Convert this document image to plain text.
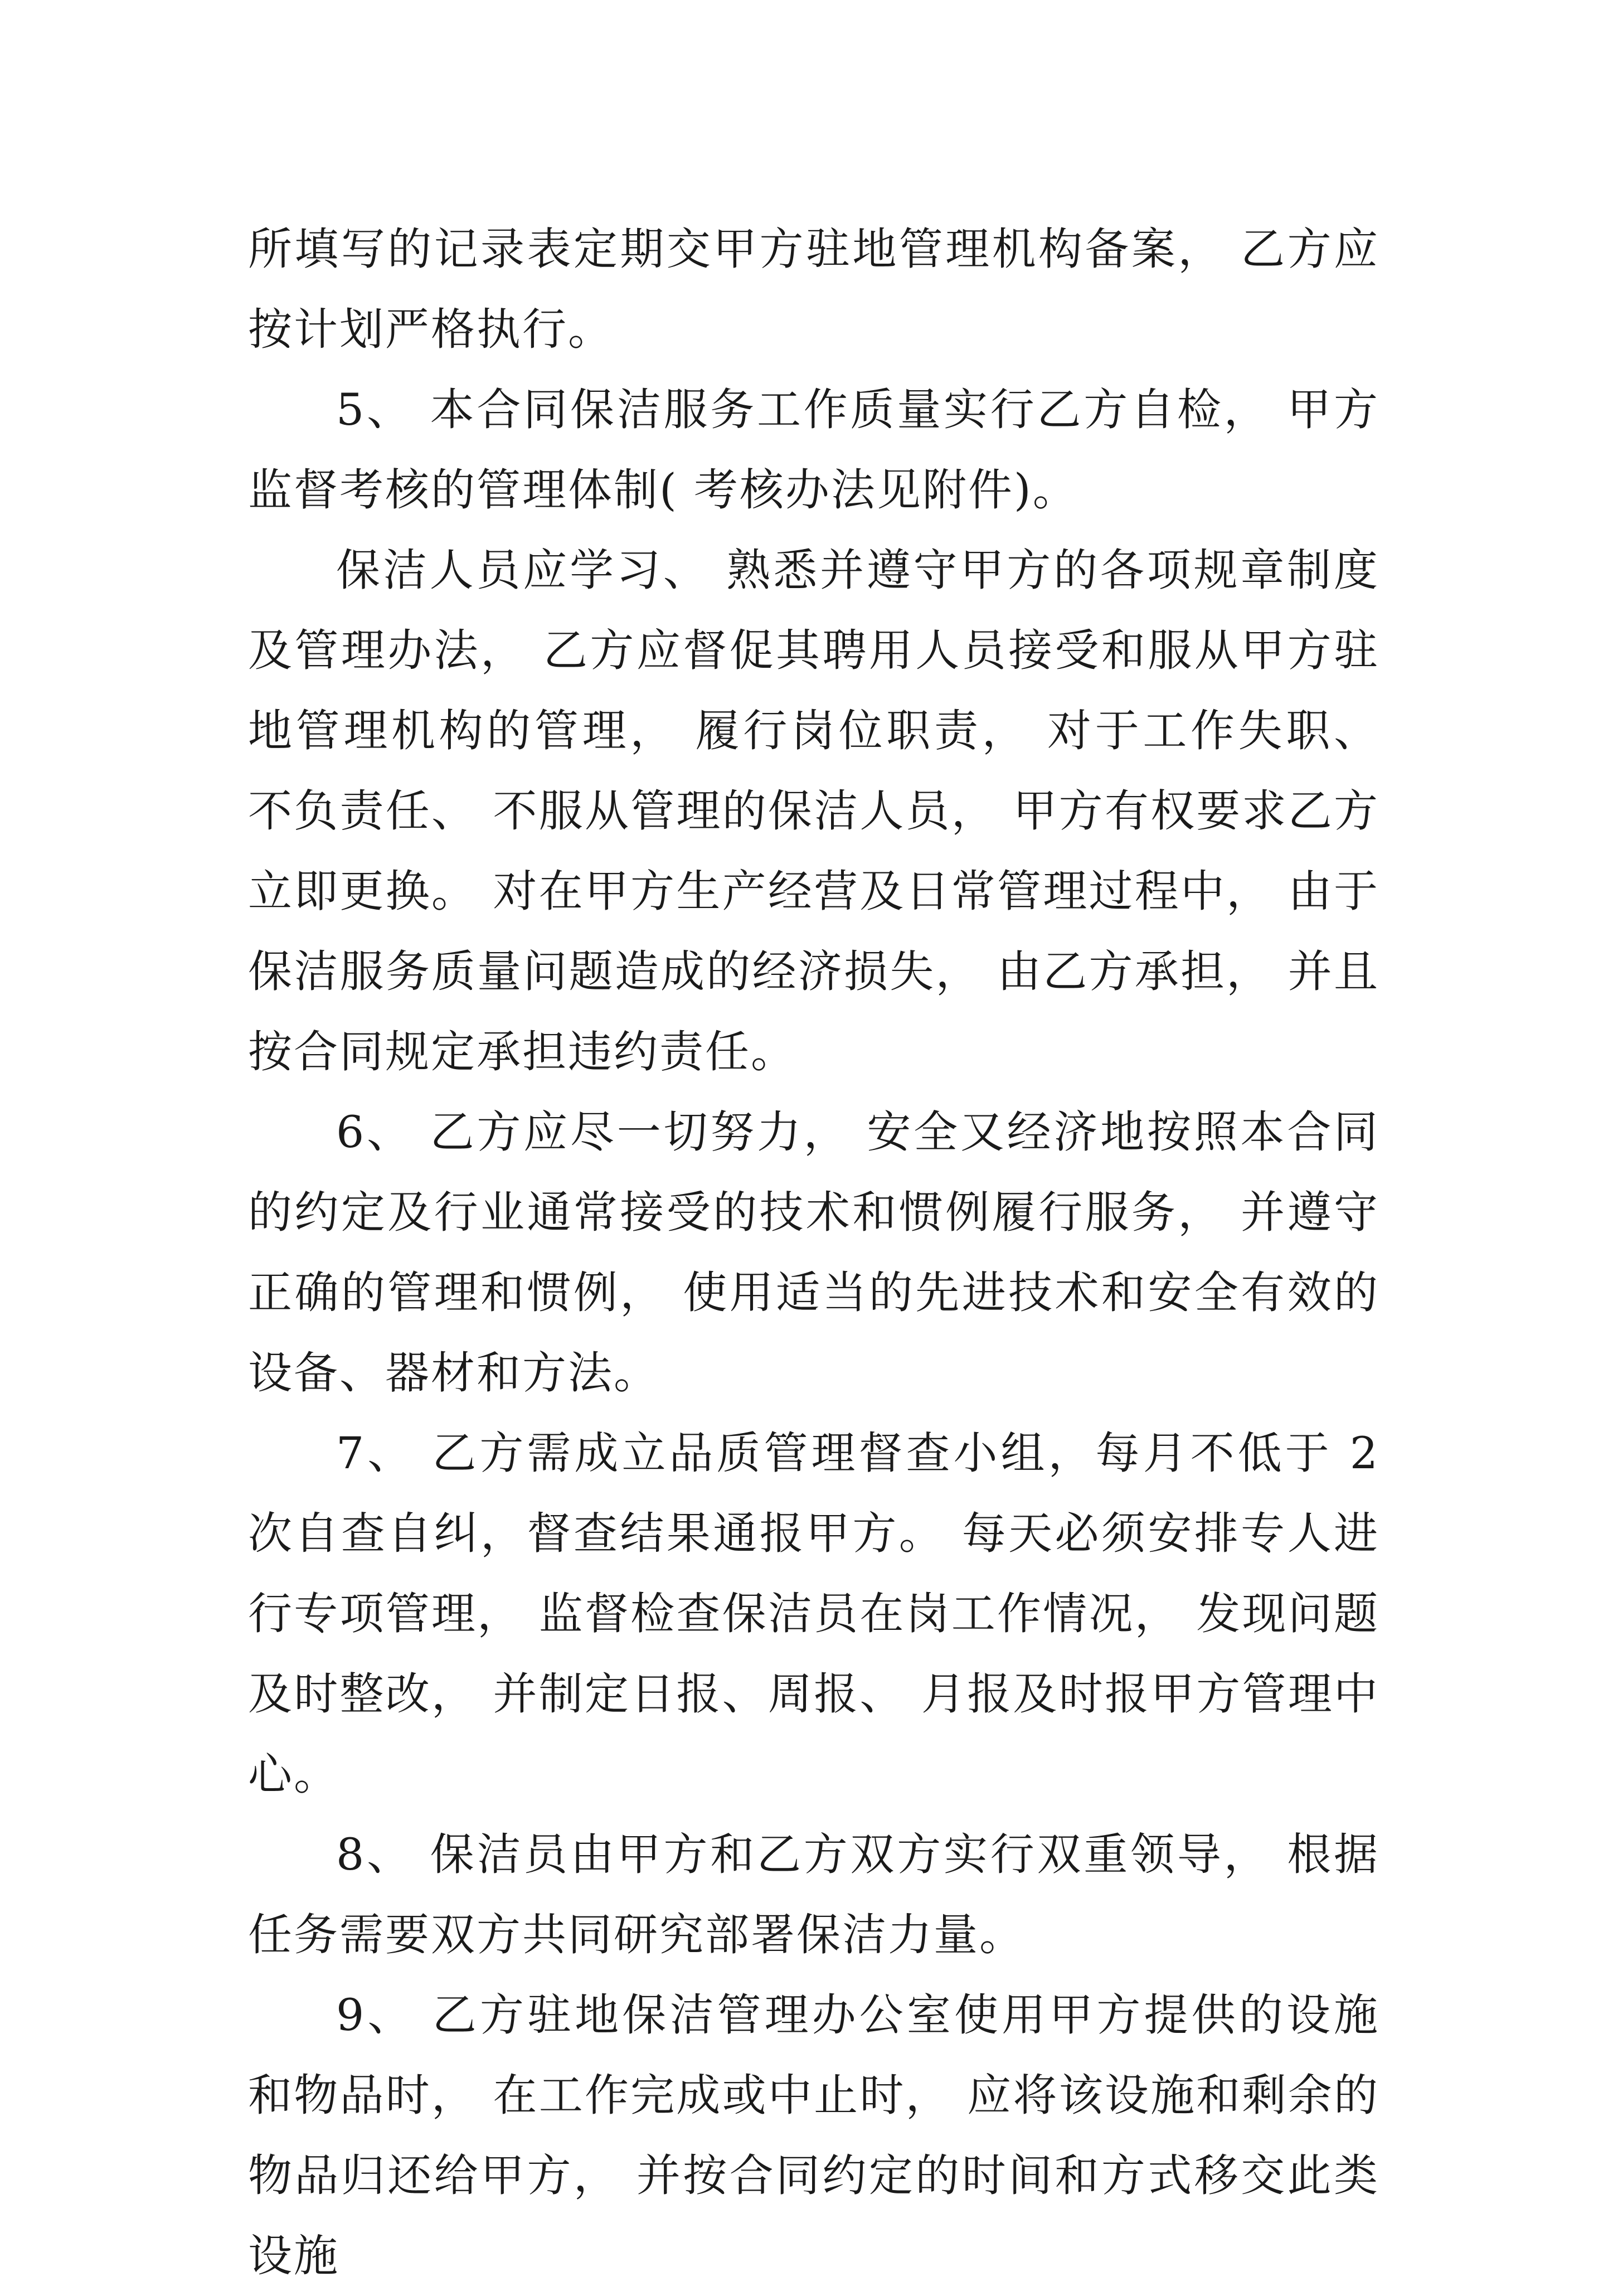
所填写的记录表定期交甲方驻地管理机构备案， 乙方应按计划严格执行。

5、 本合同保洁服务工作质量实行乙方自检， 甲方监督考核的管理体制( 考核办法见附件)。

保洁人员应学习、 熟悉并遵守甲方的各项规章制度及管理办法， 乙方应督促其聘用人员接受和服从甲方驻地管理机构的管理， 履行岗位职责， 对于工作失职、 不负责任、 不服从管理的保洁人员， 甲方有权要求乙方立即更换。 对在甲方生产经营及日常管理过程中， 由于保洁服务质量问题造成的经济损失， 由乙方承担， 并且按合同规定承担违约责任。

6、 乙方应尽一切努力， 安全又经济地按照本合同的约定及行业通常接受的技术和惯例履行服务， 并遵守正确的管理和惯例， 使用适当的先进技术和安全有效的设备、器材和方法。

7、 乙方需成立品质管理督查小组，每月不低于 2 次自查自纠，督查结果通报甲方。 每天必须安排专人进行专项管理， 监督检查保洁员在岗工作情况， 发现问题及时整改， 并制定日报、周报、 月报及时报甲方管理中心。

8、 保洁员由甲方和乙方双方实行双重领导， 根据任务需要双方共同研究部署保洁力量。

9、 乙方驻地保洁管理办公室使用甲方提供的设施和物品时， 在工作完成或中止时， 应将该设施和剩余的物品归还给甲方， 并按合同约定的时间和方式移交此类设施
